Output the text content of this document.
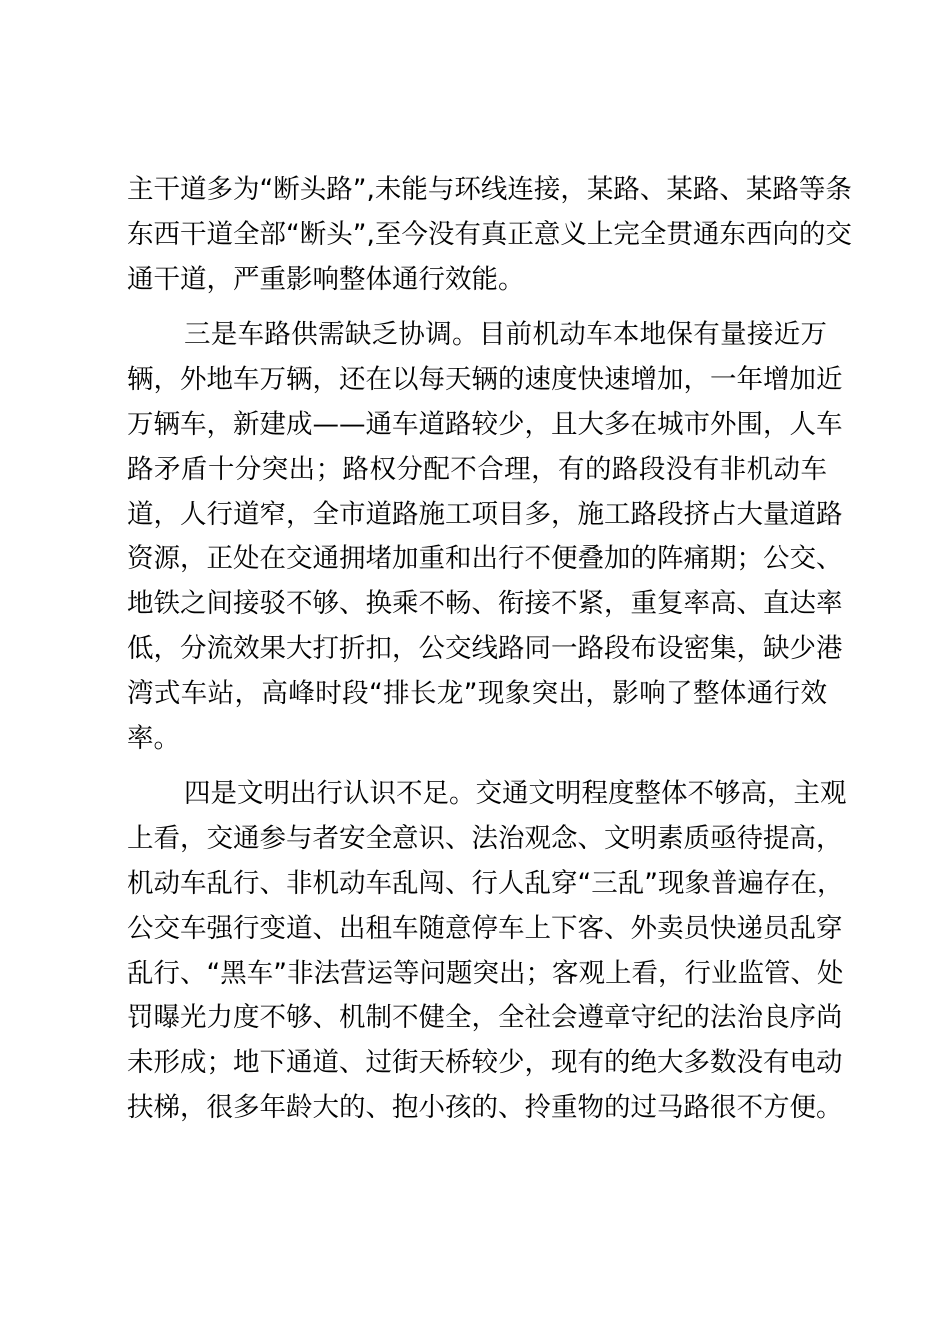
主干道多为“断头路”,未能与环线连接，某路、某路、某路等条
东西干道全部“断头”,至今没有真正意义上完全贯通东西向的交
通干道，严重影响整体通行效能。
三是车路供需缺乏协调。目前机动车本地保有量接近万
辆，外地车万辆，还在以每天辆的速度快速增加，一年增加近
万辆车，新建成——通车道路较少，且大多在城市外围，人车
路矛盾十分突出；路权分配不合理，有的路段没有非机动车
道，人行道窄，全市道路施工项目多，施工路段挤占大量道路
资源，正处在交通拥堵加重和出行不便叠加的阵痛期；公交、
地铁之间接驳不够、换乘不畅、衔接不紧，重复率高、直达率
低，分流效果大打折扣，公交线路同一路段布设密集，缺少港
湾式车站，高峰时段“排长龙”现象突出，影响了整体通行效
率。
四是文明出行认识不足。交通文明程度整体不够高，主观
上看，交通参与者安全意识、法治观念、文明素质亟待提高，
机动车乱行、非机动车乱闯、行人乱穿“三乱”现象普遍存在，
公交车强行变道、出租车随意停车上下客、外卖员快递员乱穿
乱行、“黑车”非法营运等问题突出；客观上看，行业监管、处
罚曝光力度不够、机制不健全，全社会遵章守纪的法治良序尚
未形成；地下通道、过街天桥较少，现有的绝大多数没有电动
扶梯，很多年龄大的、抱小孩的、拎重物的过马路很不方便。
